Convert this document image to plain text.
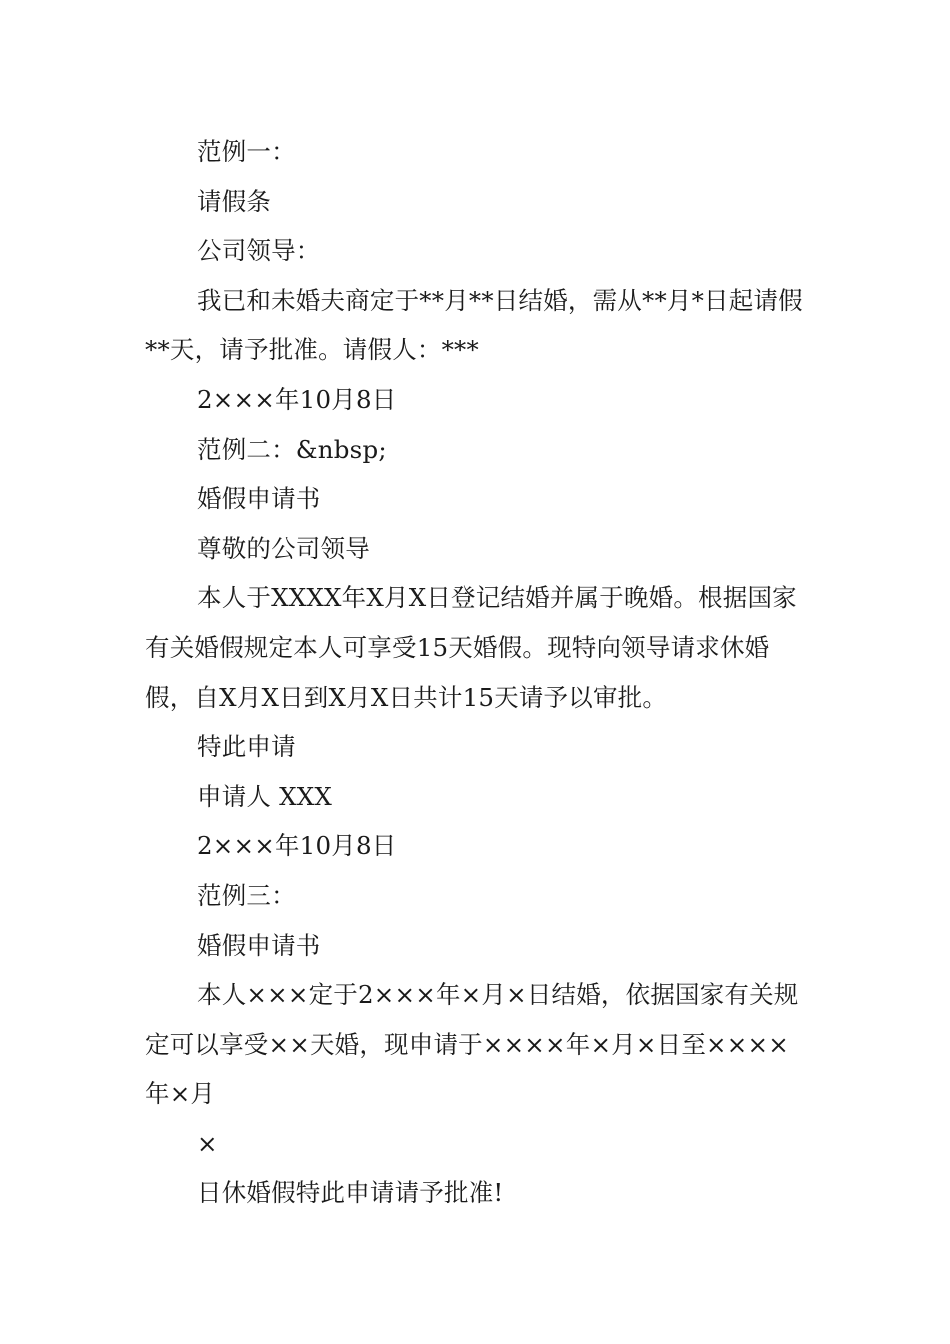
范例一：

请假条

公司领导：

我已和未婚夫商定于**月**日结婚，需从**月*日起请假**天，请予批准。请假人：***

2×××年10月8日

范例二：&nbsp;

婚假申请书

尊敬的公司领导

本人于XXXX年X月X日登记结婚并属于晚婚。根据国家有关婚假规定本人可享受15天婚假。现特向领导请求休婚假，自X月X日到X月X日共计15天请予以审批。

特此申请

申请人 XXX

2×××年10月8日

范例三：

婚假申请书

本人×××定于2×××年×月×日结婚，依据国家有关规定可以享受××天婚，现申请于××××年×月×日至××××年×月

×

日休婚假特此申请请予批准!
